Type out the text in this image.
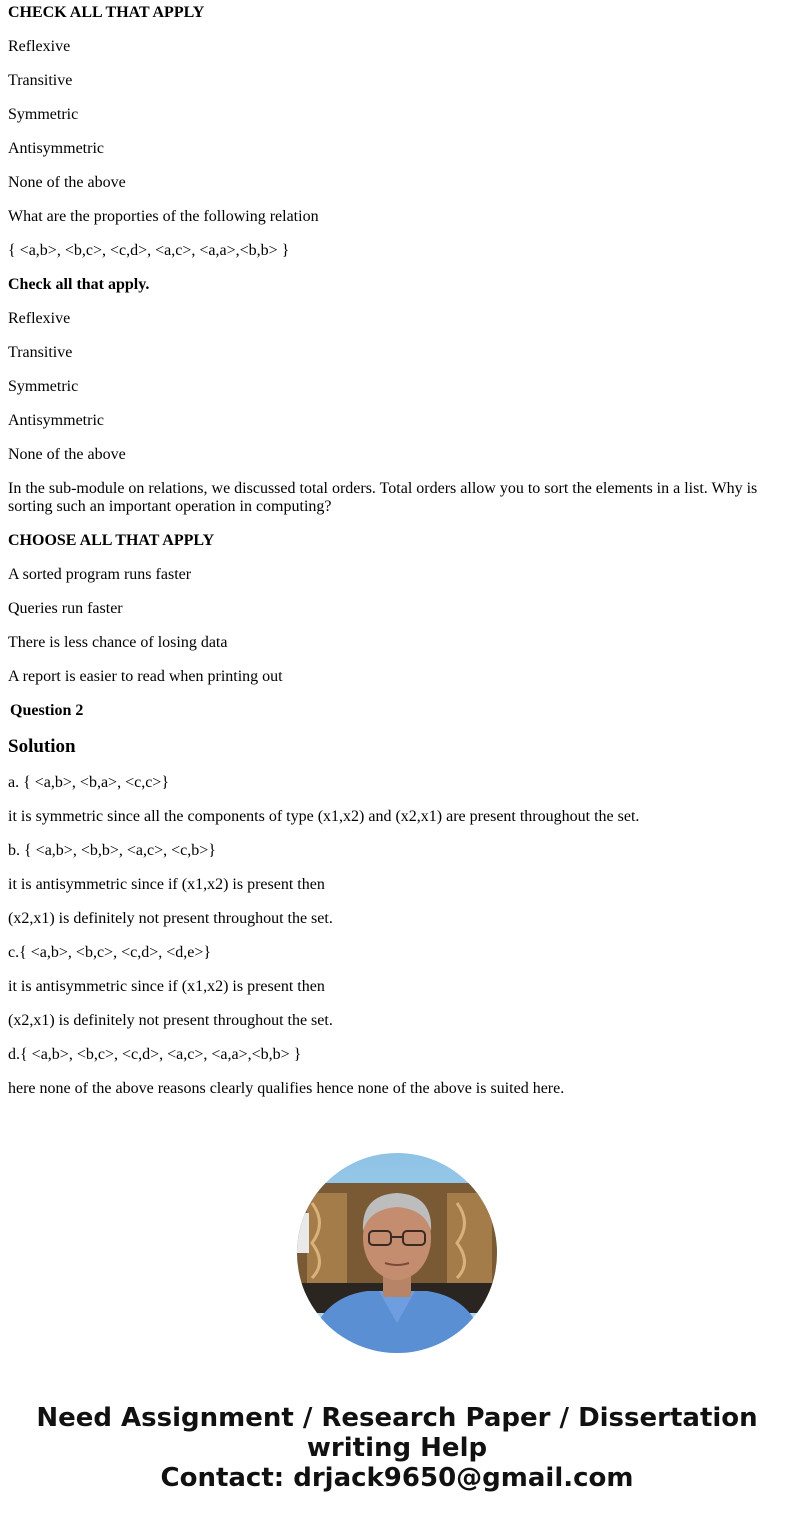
CHECK ALL THAT APPLY

Reflexive

Transitive

Symmetric

Antisymmetric

None of the above

What are the proporties of the following relation

{ <a,b>, <b,c>, <c,d>, <a,c>, <a,a>,<b,b> }

Check all that apply.

Reflexive

Transitive

Symmetric

Antisymmetric

None of the above

In the sub-module on relations, we discussed total orders. Total orders allow you to sort the elements in a list. Why is sorting such an important operation in computing?

CHOOSE ALL THAT APPLY

A sorted program runs faster

Queries run faster

There is less chance of losing data

A report is easier to read when printing out

Question 2

Solution

a. { <a,b>, <b,a>, <c,c>}

it is symmetric since all the components of type (x1,x2) and (x2,x1) are present throughout the set.

b. { <a,b>, <b,b>, <a,c>, <c,b>}

it is antisymmetric since if (x1,x2) is present then

(x2,x1) is definitely not present throughout the set.

c.{ <a,b>, <b,c>, <c,d>, <d,e>}

it is antisymmetric since if (x1,x2) is present then

(x2,x1) is definitely not present throughout the set.

d.{ <a,b>, <b,c>, <c,d>, <a,c>, <a,a>,<b,b> }

here none of the above reasons clearly qualifies hence none of the above is suited here.

Need Assignment / Research Paper / Dissertation
writing Help
Contact: drjack9650@gmail.com
